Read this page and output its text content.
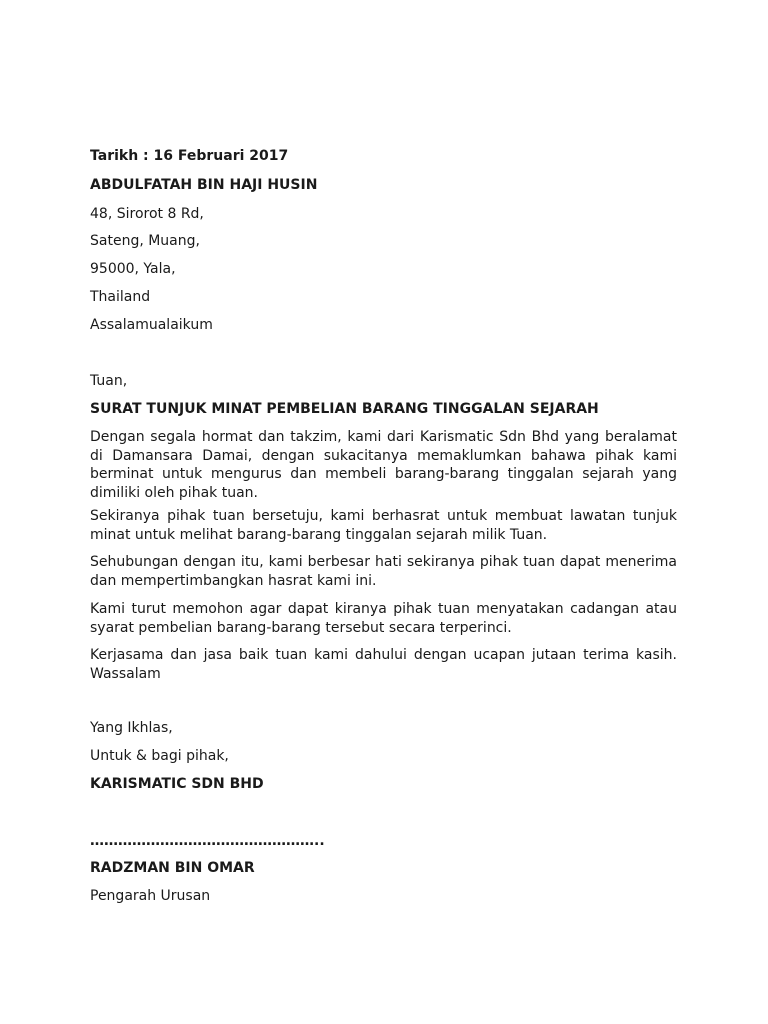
Tarikh : 16 Februari 2017
ABDULFATAH BIN HAJI HUSIN
48, Sirorot 8 Rd,
Sateng, Muang,
95000, Yala,
Thailand
Assalamualaikum
Tuan,
SURAT TUNJUK MINAT PEMBELIAN BARANG TINGGALAN SEJARAH
Dengan segala hormat dan takzim, kami dari Karismatic Sdn Bhd yang beralamat di Damansara Damai, dengan sukacitanya memaklumkan bahawa pihak kami berminat untuk mengurus dan membeli barang-barang tinggalan sejarah yang dimiliki oleh pihak tuan.
Sekiranya pihak tuan bersetuju, kami berhasrat untuk membuat lawatan tunjuk minat untuk melihat barang-barang tinggalan sejarah milik Tuan.
Sehubungan dengan itu, kami berbesar hati sekiranya pihak tuan dapat menerima dan mempertimbangkan hasrat kami ini.
Kami turut memohon agar dapat kiranya pihak tuan menyatakan cadangan atau syarat pembelian barang-barang tersebut secara terperinci.
Kerjasama dan jasa baik tuan kami dahului dengan ucapan jutaan terima kasih. Wassalam
Yang Ikhlas,
Untuk & bagi pihak,
KARISMATIC SDN BHD
…………………………………………..
RADZMAN BIN OMAR
Pengarah Urusan
